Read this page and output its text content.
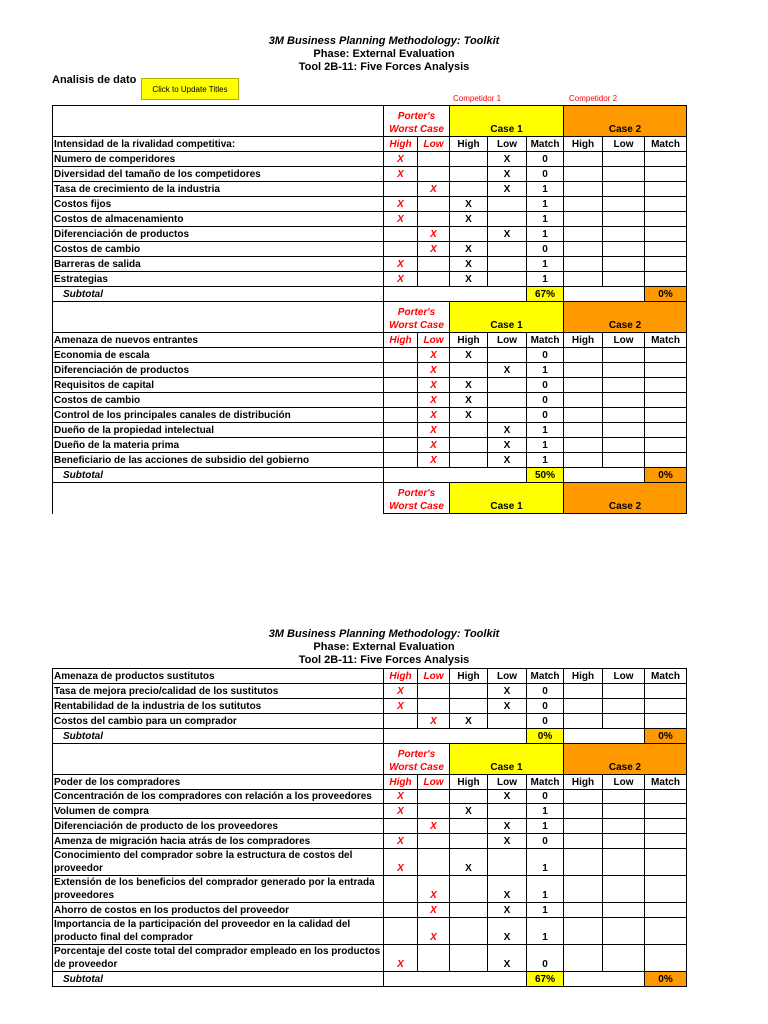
3M Business Planning Methodology: Toolkit
Phase: External Evaluation
Tool 2B-11: Five Forces Analysis
Analisis de dato
Click to Update Titles
Competidor 1	Competidor 2
	Porter's Worst Case		Case 1			Case 2		
Intensidad de la rivalidad competitiva:	High	Low	High	Low	Match	High	Low	Match
Numero de comperidores	X			X	0			
Diversidad del tamaño de los competidores	X			X	0			
Tasa de crecimiento de la industria		X		X	1			
Costos fijos	X		X		1			
Costos de almacenamiento	X		X		1			
Diferenciación de productos		X		X	1			
Costos de cambio		X	X		0			
Barreras de salida	X		X		1			
Estrategias	X		X		1			
Subtotal					67%			0%
	Porter's Worst Case		Case 1			Case 2		
Amenaza de nuevos entrantes	High	Low	High	Low	Match	High	Low	Match
Economia de escala		X	X		0			
Diferenciación de productos		X		X	1			
Requisitos de capital		X	X		0			
Costos de cambio		X	X		0			
Control de los principales canales de distribución		X	X		0			
Dueño de la propiedad intelectual		X		X	1			
Dueño de la materia prima		X		X	1			
Beneficiario de las acciones de subsidio del gobierno		X		X	1			
Subtotal					50%			0%
	Porter's Worst Case		Case 1			Case 2		
3M Business Planning Methodology: Toolkit
Phase: External Evaluation
Tool 2B-11: Five Forces Analysis
Amenaza de productos sustitutos	High	Low	High	Low	Match	High	Low	Match
Tasa de mejora precio/calidad de los sustitutos	X			X	0			
Rentabilidad de la industria de los sutitutos	X			X	0			
Costos del cambio para un comprador		X	X		0			
Subtotal					0%			0%
	Porter's Worst Case		Case 1			Case 2		
Poder de los compradores	High	Low	High	Low	Match	High	Low	Match
Concentración de los compradores con relación a los proveedores	X			X	0			
Volumen de compra	X		X		1			
Diferenciación de producto de los proveedores		X		X	1			
Amenza de migración hacia atrás de los compradores	X			X	0			
Conocimiento del comprador sobre la estructura de costos del proveedor	X		X		1			
Extensión de los beneficios del comprador generado por la entrada proveedores		X		X	1			
Ahorro de costos en los productos del proveedor		X		X	1			
Importancia de la participación del proveedor en la calidad del producto final del comprador		X		X	1			
Porcentaje del coste total del comprador empleado en los productos de proveedor	X			X	0			
Subtotal					67%			0%
